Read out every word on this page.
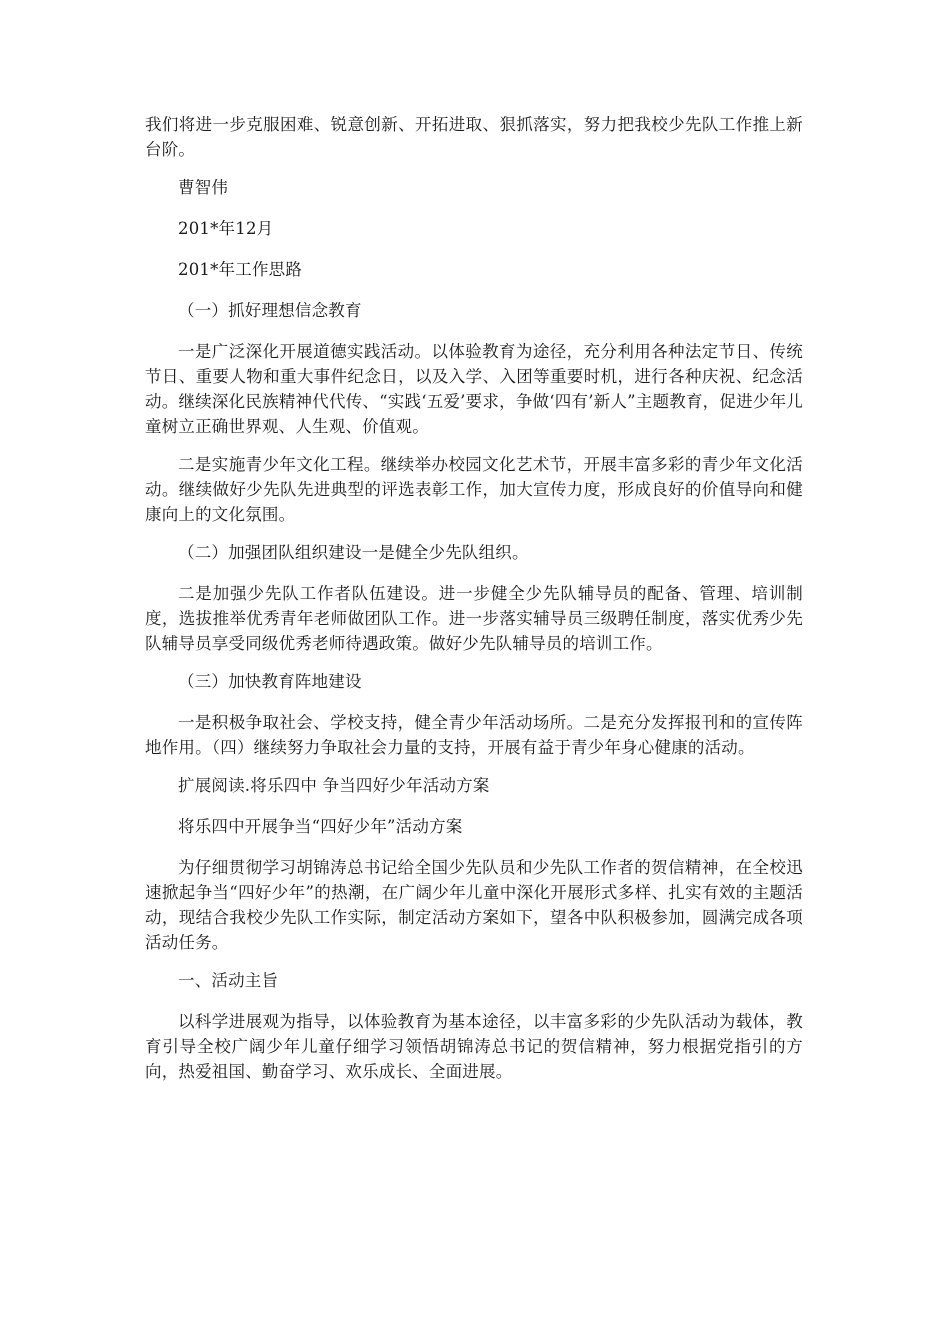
我们将进一步克服困难、锐意创新、开拓进取、狠抓落实，努力把我校少先队工作推上新台阶。

曹智伟

201*年12月

201*年工作思路

（一）抓好理想信念教育

一是广泛深化开展道德实践活动。以体验教育为途径，充分利用各种法定节日、传统节日、重要人物和重大事件纪念日，以及入学、入团等重要时机，进行各种庆祝、纪念活动。继续深化民族精神代代传、“实践‘五爱’要求，争做‘四有’新人”主题教育，促进少年儿童树立正确世界观、人生观、价值观。

二是实施青少年文化工程。继续举办校园文化艺术节，开展丰富多彩的青少年文化活动。继续做好少先队先进典型的评选表彰工作，加大宣传力度，形成良好的价值导向和健康向上的文化氛围。

（二）加强团队组织建设一是健全少先队组织。

二是加强少先队工作者队伍建设。进一步健全少先队辅导员的配备、管理、培训制度，选拔推举优秀青年老师做团队工作。进一步落实辅导员三级聘任制度，落实优秀少先队辅导员享受同级优秀老师待遇政策。做好少先队辅导员的培训工作。

（三）加快教育阵地建设

一是积极争取社会、学校支持，健全青少年活动场所。二是充分发挥报刊和的宣传阵地作用。（四）继续努力争取社会力量的支持，开展有益于青少年身心健康的活动。

扩展阅读.将乐四中 争当四好少年活动方案

将乐四中开展争当“四好少年”活动方案

为仔细贯彻学习胡锦涛总书记给全国少先队员和少先队工作者的贺信精神，在全校迅速掀起争当“四好少年”的热潮，在广阔少年儿童中深化开展形式多样、扎实有效的主题活动，现结合我校少先队工作实际，制定活动方案如下，望各中队积极参加，圆满完成各项活动任务。

一、活动主旨

以科学进展观为指导，以体验教育为基本途径，以丰富多彩的少先队活动为载体，教育引导全校广阔少年儿童仔细学习领悟胡锦涛总书记的贺信精神，努力根据党指引的方向，热爱祖国、勤奋学习、欢乐成长、全面进展。
